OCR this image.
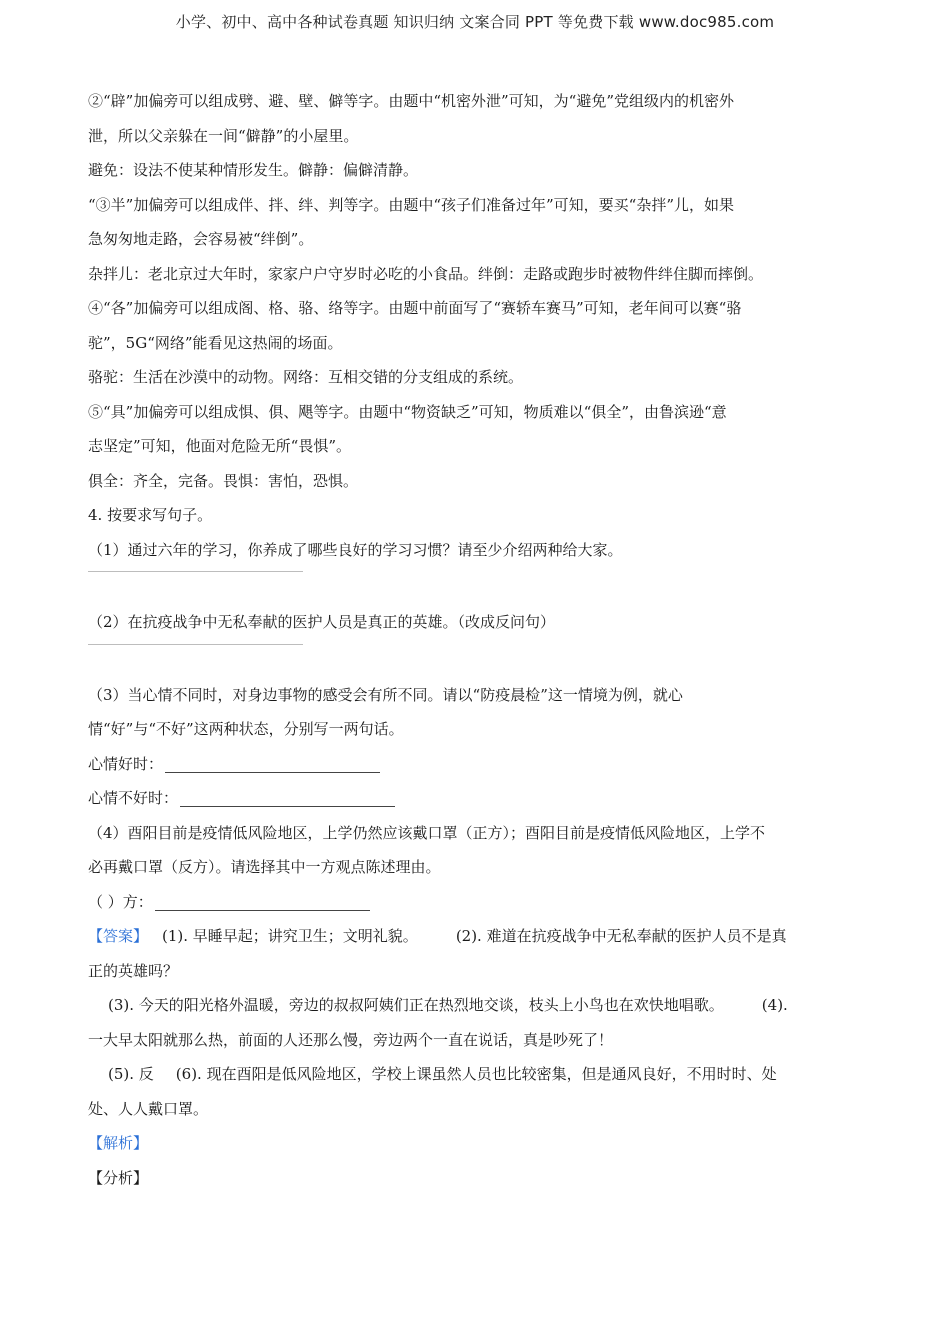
小学、初中、高中各种试卷真题 知识归纳 文案合同 PPT 等免费下载 www.doc985.com

②“辟”加偏旁可以组成劈、避、壁、僻等字。由题中“机密外泄”可知，为“避免”党组级内的机密外

泄，所以父亲躲在一间“僻静”的小屋里。

避免：设法不使某种情形发生。僻静：偏僻清静。

“③半”加偏旁可以组成伴、拌、绊、判等字。由题中“孩子们准备过年”可知，要买“杂拌”儿，如果

急匆匆地走路，会容易被“绊倒”。

杂拌儿：老北京过大年时，家家户户守岁时必吃的小食品。绊倒：走路或跑步时被物件绊住脚而摔倒。

④“各”加偏旁可以组成阁、格、骆、络等字。由题中前面写了“赛轿车赛马”可知，老年间可以赛“骆

驼”，5G“网络”能看见这热闹的场面。

骆驼：生活在沙漠中的动物。网络：互相交错的分支组成的系统。

⑤“具”加偏旁可以组成惧、俱、飓等字。由题中“物资缺乏”可知，物质难以“俱全”，由鲁滨逊“意

志坚定”可知，他面对危险无所“畏惧”。

俱全：齐全，完备。畏惧：害怕，恐惧。

4. 按要求写句子。

（1）通过六年的学习，你养成了哪些良好的学习习惯？请至少介绍两种给大家。

（2）在抗疫战争中无私奉献的医护人员是真正的英雄。（改成反问句）

（3）当心情不同时，对身边事物的感受会有所不同。请以“防疫晨检”这一情境为例，就心

情“好”与“不好”这两种状态，分别写一两句话。

心情好时：

心情不好时：

（4）酉阳目前是疫情低风险地区，上学仍然应该戴口罩（正方）；酉阳目前是疫情低风险地区，上学不

必再戴口罩（反方）。请选择其中一方观点陈述理由。

（ ）方：

【答案】 (1). 早睡早起；讲究卫生；文明礼貌。	(2). 难道在抗疫战争中无私奉献的医护人员不是真

正的英雄吗？

(3). 今天的阳光格外温暖，旁边的叔叔阿姨们正在热烈地交谈，枝头上小鸟也在欢快地唱歌。	(4).

一大早太阳就那么热，前面的人还那么慢，旁边两个一直在说话，真是吵死了！

(5). 反 (6). 现在酉阳是低风险地区，学校上课虽然人员也比较密集，但是通风良好，不用时时、处

处、人人戴口罩。

【解析】

【分析】
